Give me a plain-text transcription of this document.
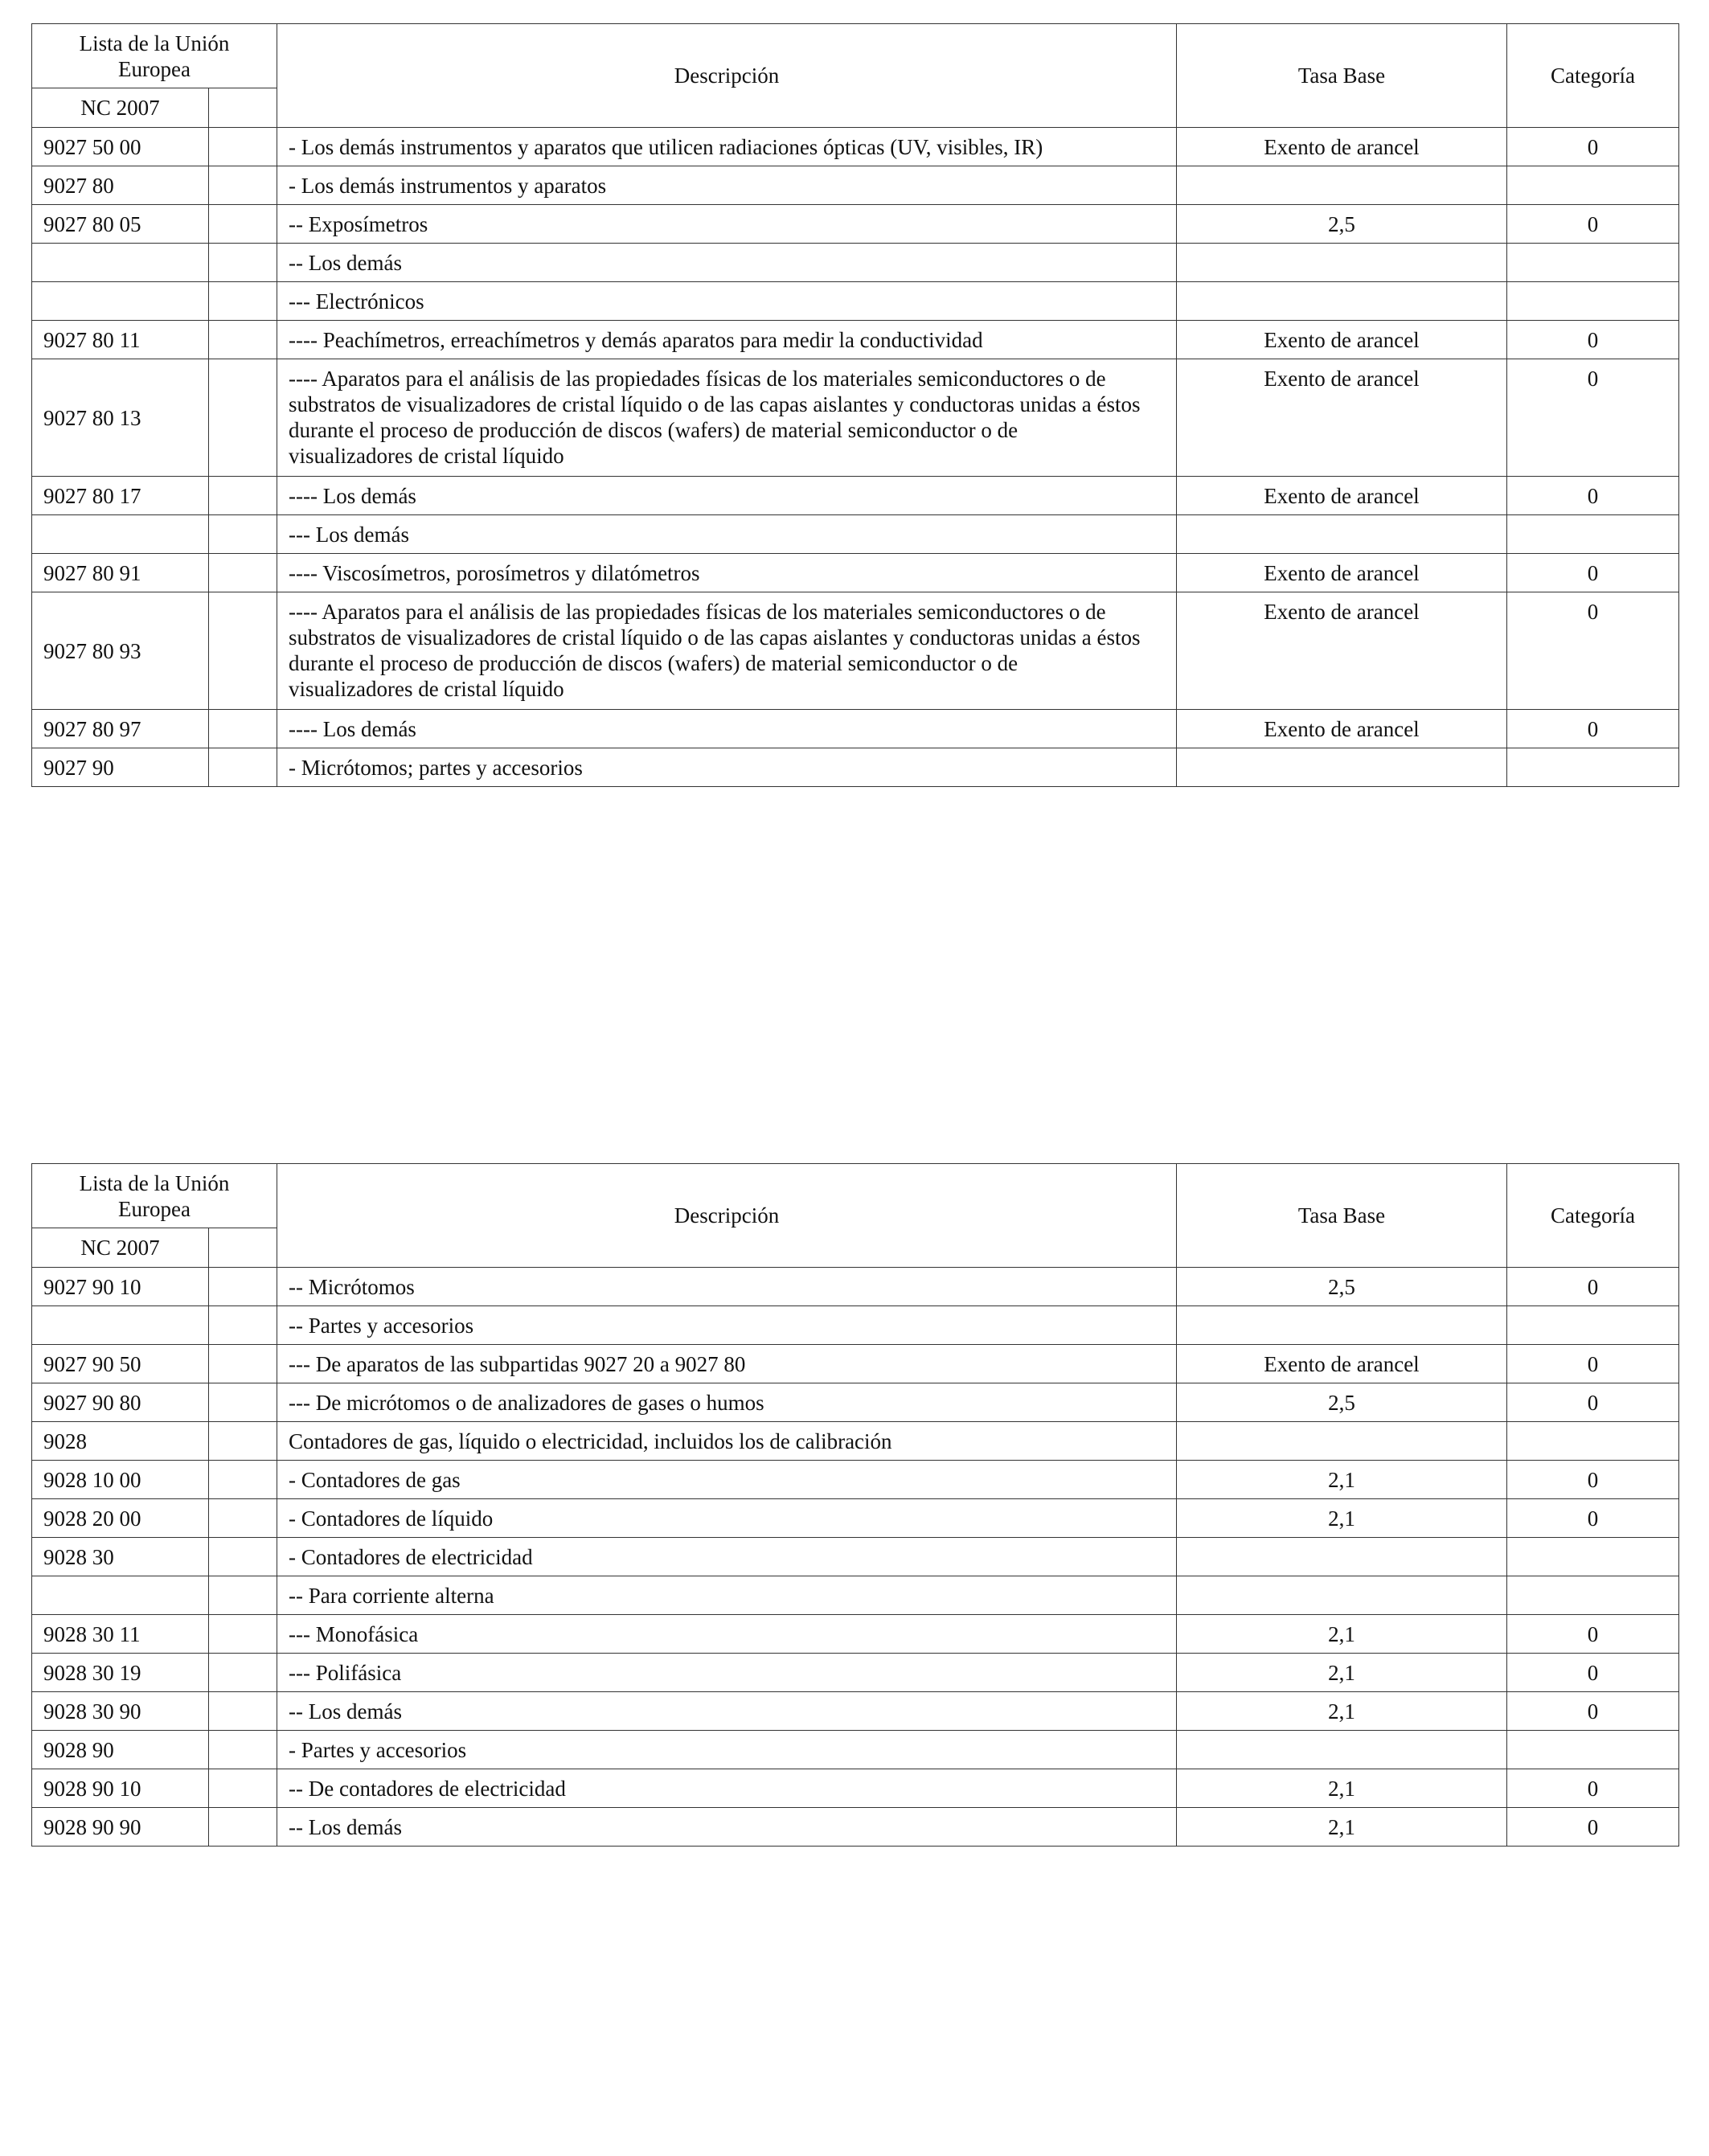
Lista de la Unión
Europea		Descripción	Tasa Base	Categoría
NC 2007				
9027 50 00		- Los demás instrumentos y aparatos que utilicen radiaciones ópticas (UV, visibles, IR)	Exento de arancel	0
9027 80		- Los demás instrumentos y aparatos		
9027 80 05		-- Exposímetros	2,5	0
		-- Los demás		
		--- Electrónicos		
9027 80 11		---- Peachímetros, erreachímetros y demás aparatos para medir la conductividad	Exento de arancel	0
9027 80 13		---- Aparatos para el análisis de las propiedades físicas de los materiales semiconductores o de
substratos de visualizadores de cristal líquido o de las capas aislantes y conductoras unidas a éstos
durante el proceso de producción de discos (wafers) de material semiconductor o de
visualizadores de cristal líquido	Exento de arancel	0
9027 80 17		---- Los demás	Exento de arancel	0
		--- Los demás		
9027 80 91		---- Viscosímetros, porosímetros y dilatómetros	Exento de arancel	0
9027 80 93		---- Aparatos para el análisis de las propiedades físicas de los materiales semiconductores o de
substratos de visualizadores de cristal líquido o de las capas aislantes y conductoras unidas a éstos
durante el proceso de producción de discos (wafers) de material semiconductor o de
visualizadores de cristal líquido	Exento de arancel	0
9027 80 97		---- Los demás	Exento de arancel	0
9027 90		- Micrótomos; partes y accesorios		
Lista de la Unión
Europea		Descripción	Tasa Base	Categoría
NC 2007				
9027 90 10		-- Micrótomos	2,5	0
		-- Partes y accesorios		
9027 90 50		--- De aparatos de las subpartidas 9027 20 a 9027 80	Exento de arancel	0
9027 90 80		--- De micrótomos o de analizadores de gases o humos	2,5	0
9028		Contadores de gas, líquido o electricidad, incluidos los de calibración		
9028 10 00		- Contadores de gas	2,1	0
9028 20 00		- Contadores de líquido	2,1	0
9028 30		- Contadores de electricidad		
		-- Para corriente alterna		
9028 30 11		--- Monofásica	2,1	0
9028 30 19		--- Polifásica	2,1	0
9028 30 90		-- Los demás	2,1	0
9028 90		- Partes y accesorios		
9028 90 10		-- De contadores de electricidad	2,1	0
9028 90 90		-- Los demás	2,1	0
